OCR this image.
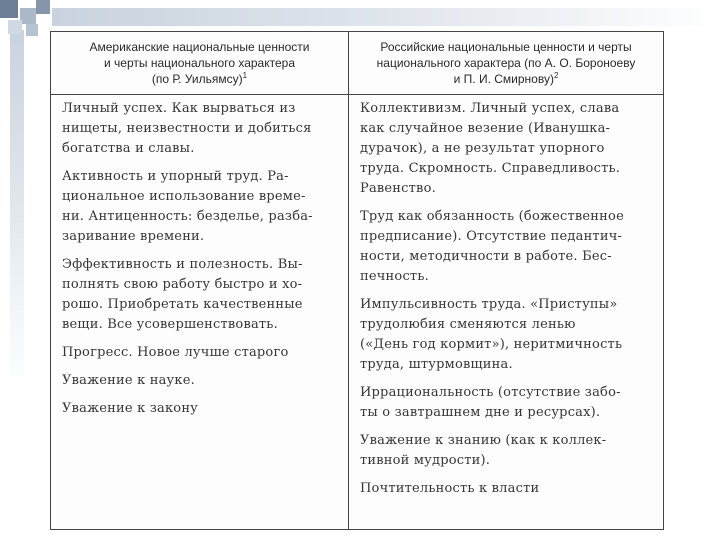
Американские национальные ценности
и черты национального характера
(по Р. Уильямсу)$^1$
Российские национальные ценности и черты
национального характера (по А. О. Бороноеву
и П. И. Смирнову)$^2$

Личный успех. Как вырваться из
нищеты, неизвестности и добиться
богатства и славы.

Активность и упорный труд. Ра-
циональное использование време-
ни. Антиценность: безделье, разба-
заривание времени.

Эффективность и полезность. Вы-
полнять свою работу быстро и хо-
рошо. Приобретать качественные
вещи. Все усовершенствовать.

Прогресс. Новое лучше старого

Уважение к науке.

Уважение к закону

Коллективизм. Личный успех, слава
как случайное везение (Иванушка-
дурачок), а не результат упорного
труда. Скромность. Справедливость.
Равенство.

Труд как обязанность (божественное
предписание). Отсутствие педантич-
ности, методичности в работе. Бес-
печность.

Импульсивность труда. «Приступы»
трудолюбия сменяются ленью
(«День год кормит»), неритмичность
труда, штурмовщина.

Иррациональность (отсутствие забо-
ты о завтрашнем дне и ресурсах).

Уважение к знанию (как к коллек-
тивной мудрости).

Почтительность к власти
